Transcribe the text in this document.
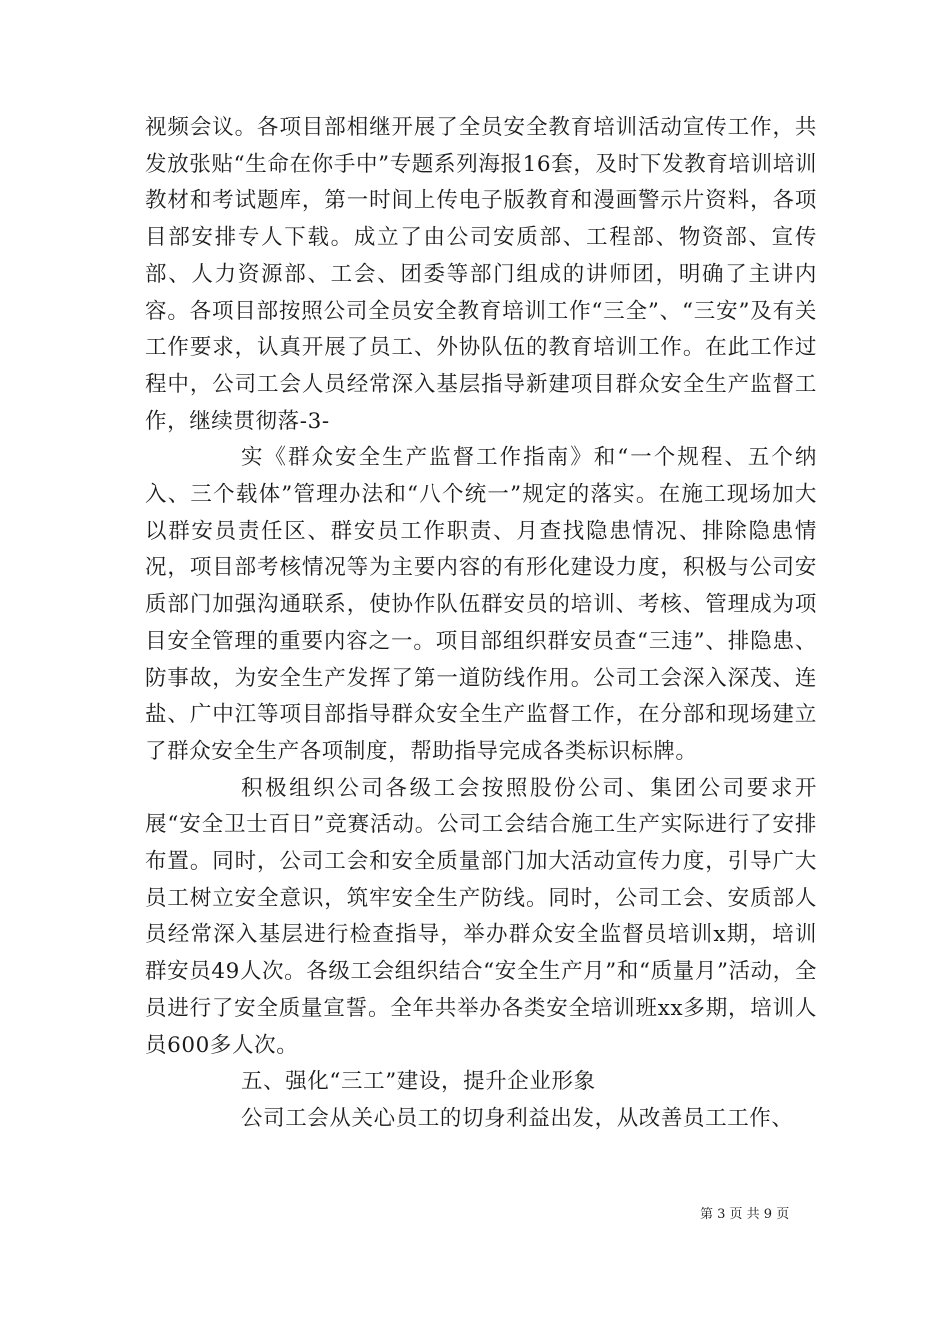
视频会议。各项目部相继开展了全员安全教育培训活动宣传工作，共发放张贴“生命在你手中”专题系列海报16套，及时下发教育培训培训教材和考试题库，第一时间上传电子版教育和漫画警示片资料，各项目部安排专人下载。成立了由公司安质部、工程部、物资部、宣传部、人力资源部、工会、团委等部门组成的讲师团，明确了主讲内容。各项目部按照公司全员安全教育培训工作“三全”、“三安”及有关工作要求，认真开展了员工、外协队伍的教育培训工作。在此工作过程中，公司工会人员经常深入基层指导新建项目群众安全生产监督工作，继续贯彻落-3-

实《群众安全生产监督工作指南》和“一个规程、五个纳入、三个载体”管理办法和“八个统一”规定的落实。在施工现场加大以群安员责任区、群安员工作职责、月查找隐患情况、排除隐患情况，项目部考核情况等为主要内容的有形化建设力度，积极与公司安质部门加强沟通联系，使协作队伍群安员的培训、考核、管理成为项目安全管理的重要内容之一。项目部组织群安员查“三违”、排隐患、防事故，为安全生产发挥了第一道防线作用。公司工会深入深茂、连盐、广中江等项目部指导群众安全生产监督工作，在分部和现场建立了群众安全生产各项制度，帮助指导完成各类标识标牌。

积极组织公司各级工会按照股份公司、集团公司要求开展“安全卫士百日”竞赛活动。公司工会结合施工生产实际进行了安排布置。同时，公司工会和安全质量部门加大活动宣传力度，引导广大员工树立安全意识，筑牢安全生产防线。同时，公司工会、安质部人员经常深入基层进行检查指导，举办群众安全监督员培训x期，培训群安员49人次。各级工会组织结合“安全生产月”和“质量月”活动，全员进行了安全质量宣誓。全年共举办各类安全培训班xx多期，培训人员600多人次。

五、强化“三工”建设，提升企业形象

公司工会从关心员工的切身利益出发，从改善员工工作、

第 3 页 共 9 页
